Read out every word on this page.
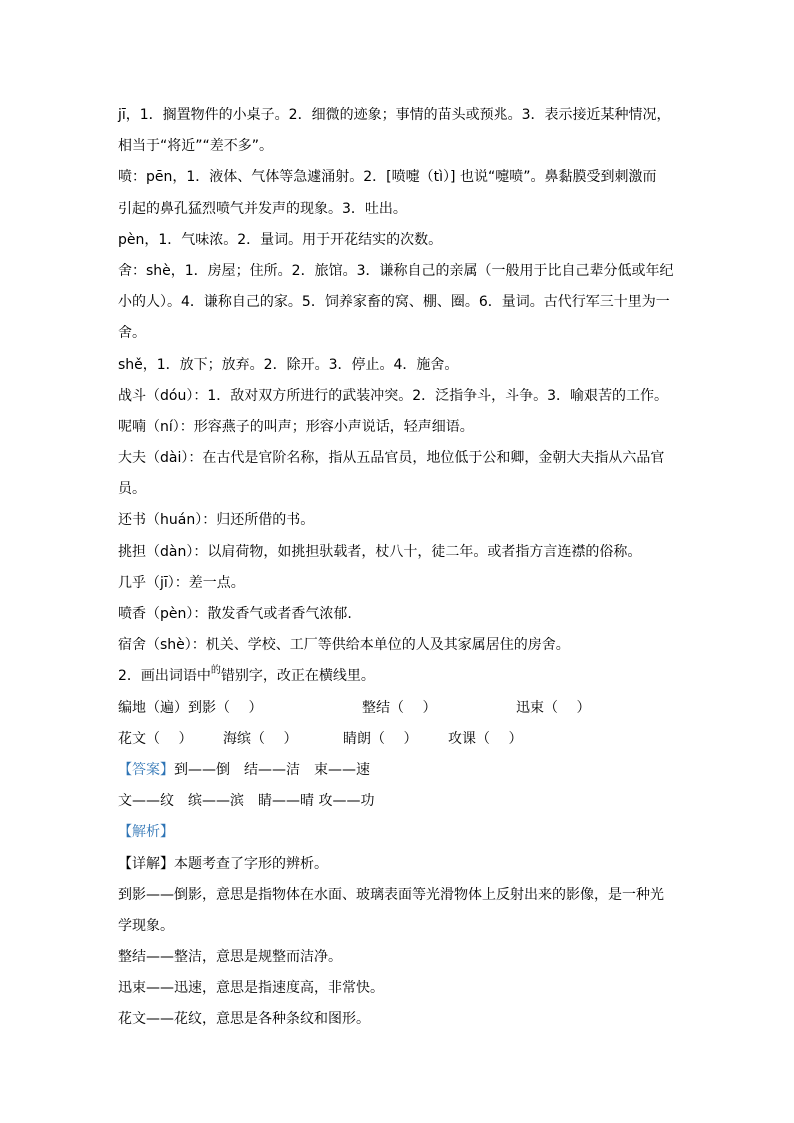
jī，1．搁置物件的小桌子。2．细微的迹象；事情的苗头或预兆。3．表示接近某种情况，
相当于“将近”“差不多”。
喷：pēn，1．液体、气体等急遽涌射。2．[喷嚏（tì）] 也说“嚏喷”。鼻黏膜受到刺激而
引起的鼻孔猛烈喷气并发声的现象。3．吐出。
pèn，1．气味浓。2．量词。用于开花结实的次数。
舍：shè，1．房屋；住所。2．旅馆。3．谦称自己的亲属（一般用于比自己辈分低或年纪
小的人）。4．谦称自己的家。5．饲养家畜的窝、棚、圈。6．量词。古代行军三十里为一
舍。
shě，1．放下；放弃。2．除开。3．停止。4．施舍。
战斗（dóu）：1．敌对双方所进行的武装冲突。2．泛指争斗，斗争。3．喻艰苦的工作。
呢喃（ní）：形容燕子的叫声；形容小声说话，轻声细语。
大夫（dài）：在古代是官阶名称，指从五品官员，地位低于公和卿，金朝大夫指从六品官
员。
还书（huán）：归还所借的书。
挑担（dàn）：以肩荷物，如挑担驮载者，杖八十，徒二年。或者指方言连襟的俗称。
几乎（jī）：差一点。
喷香（pèn）：散发香气或者香气浓郁.
宿舍（shè）：机关、学校、工厂等供给本单位的人及其家属居住的房舍。
2．画出词语中$^的$错别字，改正在横线里。
编地（遍） 到影（　 ）	整结（　 ）	迅束（　 ）
花文（　 ）	海缤（　 ）	睛朗（　 ）	攻课（　 ）
【答案】到——倒　结——洁　束——速
文——纹　缤——滨　睛——晴 攻——功
【解析】
【详解】本题考查了字形的辨析。
到影——倒影，意思是指物体在水面、玻璃表面等光滑物体上反射出来的影像，是一种光
学现象。
整结——整洁，意思是规整而洁净。
迅束——迅速，意思是指速度高，非常快。
花文——花纹，意思是各种条纹和图形。
